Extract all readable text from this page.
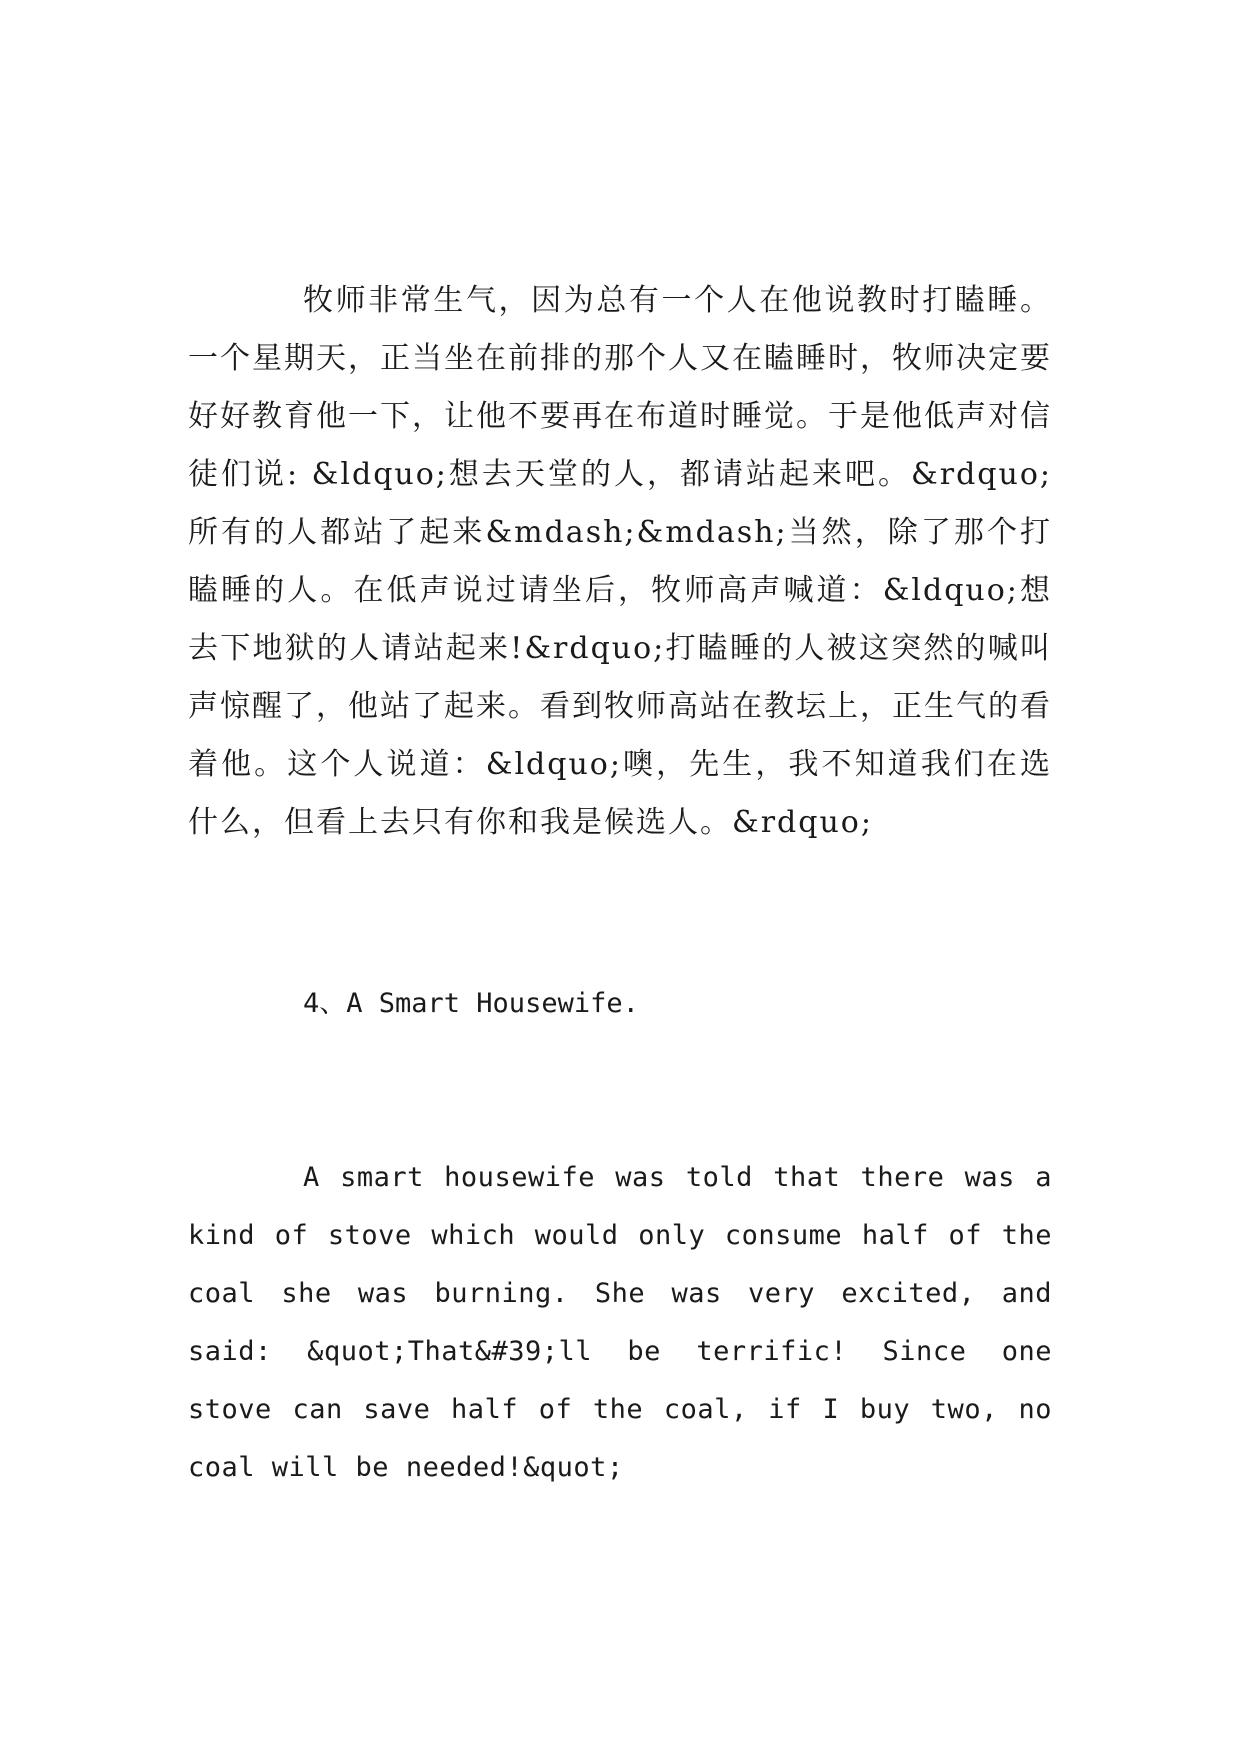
牧师非常生气，因为总有一个人在他说教时打瞌睡。一个星期天，正当坐在前排的那个人又在瞌睡时，牧师决定要好好教育他一下，让他不要再在布道时睡觉。于是他低声对信徒们说: &ldquo;想去天堂的人，都请站起来吧。&rdquo;所有的人都站了起来&mdash;&mdash;当然，除了那个打瞌睡的人。在低声说过请坐后，牧师高声喊道：&ldquo;想去下地狱的人请站起来!&rdquo;打瞌睡的人被这突然的喊叫声惊醒了，他站了起来。看到牧师高站在教坛上，正生气的看着他。这个人说道：&ldquo;噢，先生，我不知道我们在选什么，但看上去只有你和我是候选人。&rdquo;

4、A Smart Housewife.

A smart housewife was told that there was a kind of stove which would only consume half of the coal she was burning. She was very excited, and said: &quot;That&#39;ll be terrific! Since one stove can save half of the coal, if I buy two, no coal will be needed!&quot;
